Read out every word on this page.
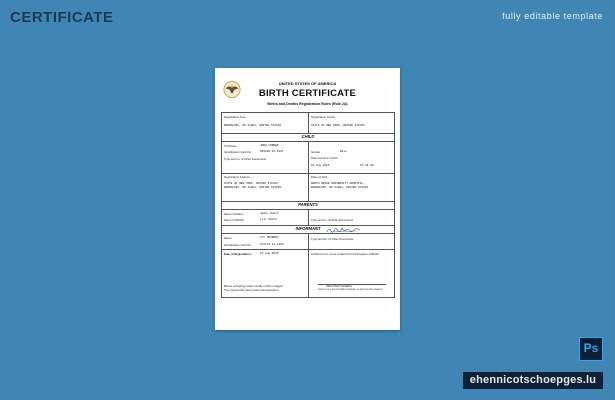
CERTIFICATE	fully editable template
UNITED STATES OF AMERICA
BIRTH CERTIFICATE
Births and Deaths Registration Rules (Rule 2A)
Registration Area
BARNSCURY, NO 21001, UNITED STATES
Registration Centre
STATE OF NEW YORK, UNITED STATES
CHILD
Full Name	JOHN CORNER
Identification Card No	985285-15-5451	Gender	Male
Date and time of birth
01 Aug 2025	15:38 AM
Type and no. of Other Documents
Registration Address
STATE OF NEW YORK, UNITED STATES
BARNSCURY, NO 21001, UNITED STATES
Place of birth
NORTH RIDGE UNIVERSITY HOSPITAL,
BARNSCURY, NO 21001, UNITED STATES
PARENTS
Name of Father	James Smith
Name of Mother	Lily Smith	Type and no. of Other Documents
INFORMANT
Name	IVY SMIRNOV
Identification Card No	872731-21-1488
Type and No. of Other Documents
Date of Registration :	15 Aug 2025	Certified to be a true extract from the Register of Births
Before accepting copies, kindly confirm it aligns
The original that were tendered/reregistered
REGISTRAR GENERAL
DIRECTOR & REGISTRAR GENERAL OF BIRTHS AND DEATHS
Ps
ehennicotschoepges.lu
